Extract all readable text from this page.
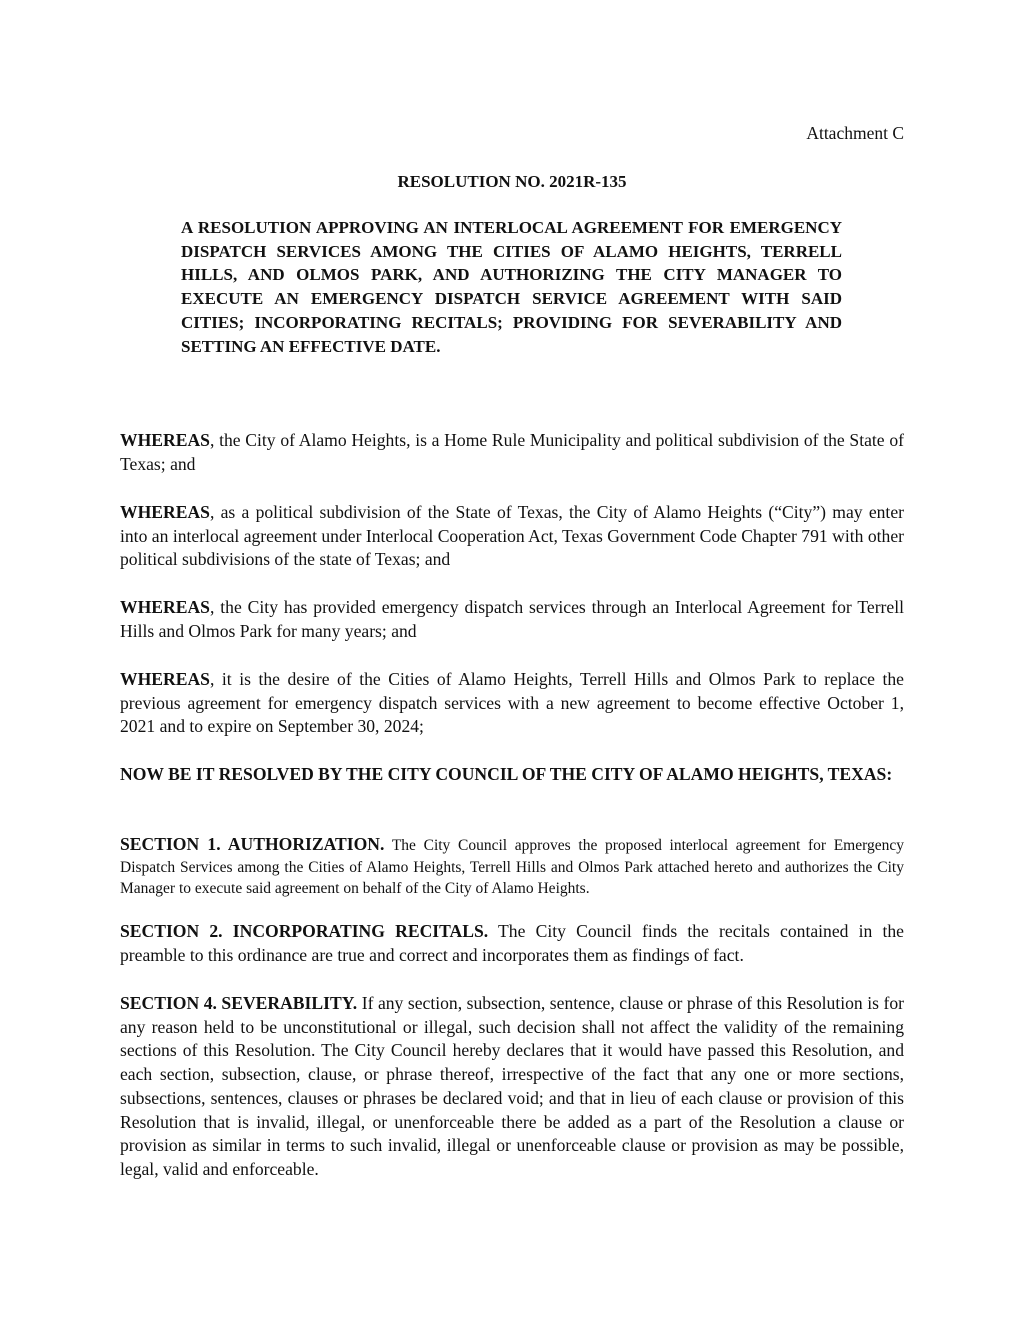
Attachment C
RESOLUTION NO. 2021R-135
A RESOLUTION APPROVING AN INTERLOCAL AGREEMENT FOR EMERGENCY DISPATCH SERVICES AMONG THE CITIES OF ALAMO HEIGHTS, TERRELL HILLS, AND OLMOS PARK, AND AUTHORIZING THE CITY MANAGER TO EXECUTE AN EMERGENCY DISPATCH SERVICE AGREEMENT WITH SAID CITIES; INCORPORATING RECITALS; PROVIDING FOR SEVERABILITY AND SETTING AN EFFECTIVE DATE.
WHEREAS, the City of Alamo Heights, is a Home Rule Municipality and political subdivision of the State of Texas; and
WHEREAS, as a political subdivision of the State of Texas, the City of Alamo Heights (“City”) may enter into an interlocal agreement under Interlocal Cooperation Act, Texas Government Code Chapter 791 with other political subdivisions of the state of Texas; and
WHEREAS, the City has provided emergency dispatch services through an Interlocal Agreement for Terrell Hills and Olmos Park for many years; and
WHEREAS, it is the desire of the Cities of Alamo Heights, Terrell Hills and Olmos Park to replace the previous agreement for emergency dispatch services with a new agreement to become effective October 1, 2021 and to expire on September 30, 2024;
NOW BE IT RESOLVED BY THE CITY COUNCIL OF THE CITY OF ALAMO HEIGHTS, TEXAS:
SECTION 1. AUTHORIZATION. The City Council approves the proposed interlocal agreement for Emergency Dispatch Services among the Cities of Alamo Heights, Terrell Hills and Olmos Park attached hereto and authorizes the City Manager to execute said agreement on behalf of the City of Alamo Heights.
SECTION 2. INCORPORATING RECITALS. The City Council finds the recitals contained in the preamble to this ordinance are true and correct and incorporates them as findings of fact.
SECTION 4. SEVERABILITY. If any section, subsection, sentence, clause or phrase of this Resolution is for any reason held to be unconstitutional or illegal, such decision shall not affect the validity of the remaining sections of this Resolution. The City Council hereby declares that it would have passed this Resolution, and each section, subsection, clause, or phrase thereof, irrespective of the fact that any one or more sections, subsections, sentences, clauses or phrases be declared void; and that in lieu of each clause or provision of this Resolution that is invalid, illegal, or unenforceable there be added as a part of the Resolution a clause or provision as similar in terms to such invalid, illegal or unenforceable clause or provision as may be possible, legal, valid and enforceable.
